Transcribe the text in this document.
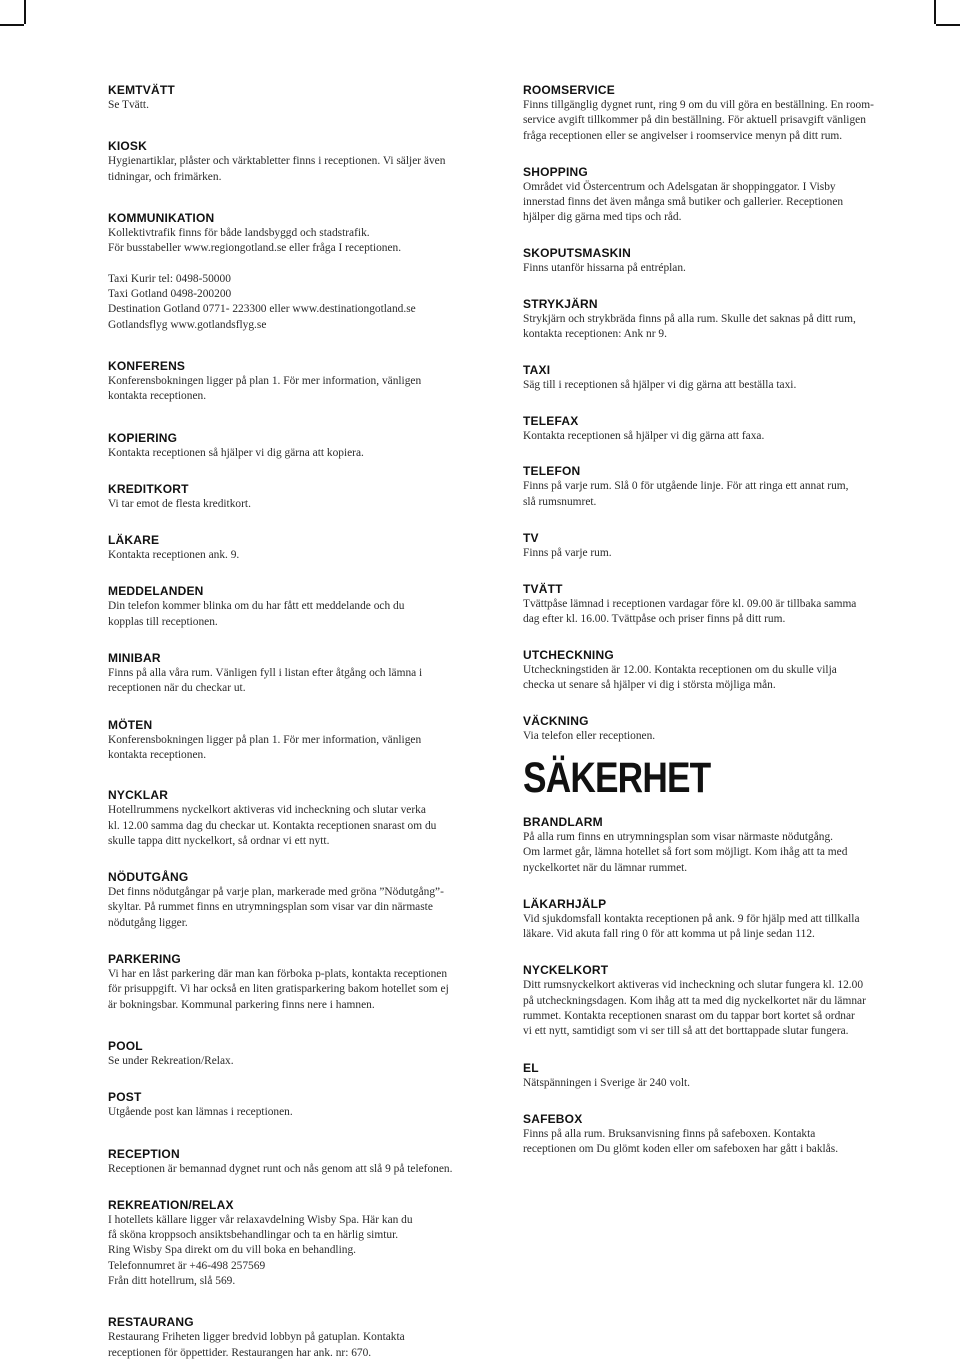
KEMTVÄTT

Se Tvätt.

KIOSK

Hygienartiklar, plåster och värktabletter finns i receptionen. Vi säljer även

tidningar, och frimärken.

KOMMUNIKATION

Kollektivtrafik finns för både landsbyggd och stadstrafik.

För busstabeller www.regiongotland.se eller fråga I receptionen.

Taxi Kurir tel: 0498-50000

Taxi Gotland 0498-200200

Destination Gotland 0771- 223300 eller www.destinationgotland.se

Gotlandsflyg www.gotlandsflyg.se

KONFERENS

Konferensbokningen ligger på plan 1. För mer information, vänligen

kontakta receptionen.

KOPIERING

Kontakta receptionen så hjälper vi dig gärna att kopiera.

KREDITKORT

Vi tar emot de flesta kreditkort.

LÄKARE

Kontakta receptionen ank. 9.

MEDDELANDEN

Din telefon kommer blinka om du har fått ett meddelande och du

kopplas till receptionen.

MINIBAR

Finns på alla våra rum. Vänligen fyll i listan efter åtgång och lämna i

receptionen när du checkar ut.

MÖTEN

Konferensbokningen ligger på plan 1. För mer information, vänligen

kontakta receptionen.

NYCKLAR

Hotellrummens nyckelkort aktiveras vid incheckning och slutar verka

kl. 12.00 samma dag du checkar ut. Kontakta receptionen snarast om du

skulle tappa ditt nyckelkort, så ordnar vi ett nytt.

NÖDUTGÅNG

Det finns nödutgångar på varje plan, markerade med gröna ”Nödutgång”-

skyltar. På rummet finns en utrymningsplan som visar var din närmaste

nödutgång ligger.

PARKERING

Vi har en låst parkering där man kan förboka p-plats, kontakta receptionen

för prisuppgift. Vi har också en liten gratisparkering bakom hotellet som ej

är bokningsbar. Kommunal parkering finns nere i hamnen.

POOL

Se under Rekreation/Relax.

POST

Utgående post kan lämnas i receptionen.

RECEPTION

Receptionen är bemannad dygnet runt och nås genom att slå 9 på telefonen.

REKREATION/RELAX

I hotellets källare ligger vår relaxavdelning Wisby Spa. Här kan du

få sköna kroppsoch ansiktsbehandlingar och ta en härlig simtur.

Ring Wisby Spa direkt om du vill boka en behandling.

Telefonnumret är +46-498 257569

Från ditt hotellrum, slå 569.

RESTAURANG

Restaurang Friheten ligger bredvid lobbyn på gatuplan. Kontakta

receptionen för öppettider. Restaurangen har ank. nr: 670.

ROOMSERVICE

Finns tillgänglig dygnet runt, ring 9 om du vill göra en beställning. En room-

service avgift tillkommer på din beställning. För aktuell prisavgift vänligen

fråga receptionen eller se angivelser i roomservice menyn på ditt rum.

SHOPPING

Området vid Östercentrum och Adelsgatan är shoppinggator. I Visby

innerstad finns det även många små butiker och gallerier. Receptionen

hjälper dig gärna med tips och råd.

SKOPUTSMASKIN

Finns utanför hissarna på entréplan.

STRYKJÄRN

Strykjärn och strykbräda finns på alla rum. Skulle det saknas på ditt rum,

kontakta receptionen: Ank nr 9.

TAXI

Säg till i receptionen så hjälper vi dig gärna att beställa taxi.

TELEFAX

Kontakta receptionen så hjälper vi dig gärna att faxa.

TELEFON

Finns på varje rum. Slå 0 för utgående linje. För att ringa ett annat rum,

slå rumsnumret.

TV

Finns på varje rum.

TVÄTT

Tvättpåse lämnad i receptionen vardagar före kl. 09.00 är tillbaka samma

dag efter kl. 16.00. Tvättpåse och priser finns på ditt rum.

UTCHECKNING

Utcheckningstiden är 12.00. Kontakta receptionen om du skulle vilja

checka ut senare så hjälper vi dig i största möjliga mån.

VÄCKNING

Via telefon eller receptionen.

SÄKERHET
BRANDLARM

På alla rum finns en utrymningsplan som visar närmaste nödutgång.

Om larmet går, lämna hotellet så fort som möjligt. Kom ihåg att ta med

nyckelkortet när du lämnar rummet.

LÄKARHJÄLP

Vid sjukdomsfall kontakta receptionen på ank. 9 för hjälp med att tillkalla

läkare. Vid akuta fall ring 0 för att komma ut på linje sedan 112.

NYCKELKORT

Ditt rumsnyckelkort aktiveras vid incheckning och slutar fungera kl. 12.00

på utcheckningsdagen. Kom ihåg att ta med dig nyckelkortet när du lämnar

rummet. Kontakta receptionen snarast om du tappar bort kortet så ordnar

vi ett nytt, samtidigt som vi ser till så att det borttappade slutar fungera.

EL

Nätspänningen i Sverige är 240 volt.

SAFEBOX

Finns på alla rum. Bruksanvisning finns på safeboxen. Kontakta

receptionen om Du glömt koden eller om safeboxen har gått i baklås.
